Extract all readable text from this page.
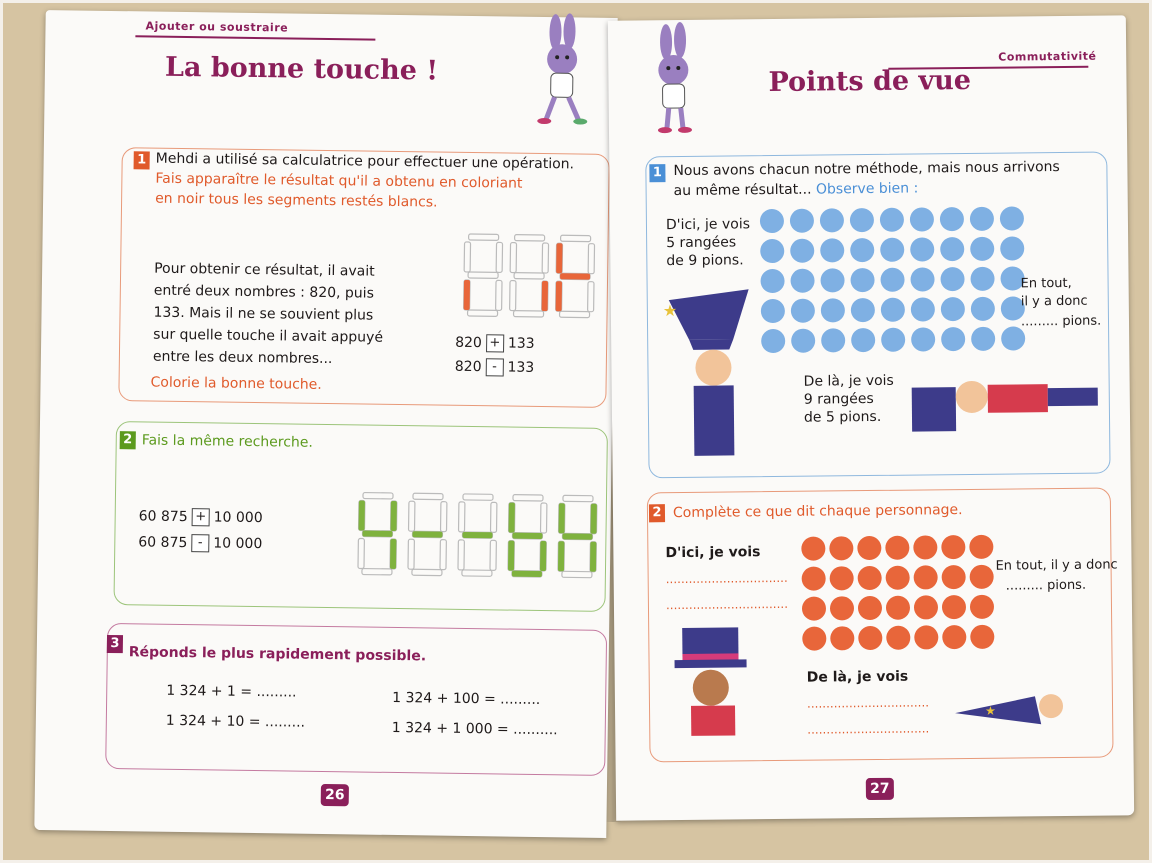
Ajouter ou soustraire
La bonne touche !
1 Mehdi a utilisé sa calculatrice pour effectuer une opération.
Fais apparaître le résultat qu'il a obtenu en coloriant
en noir tous les segments restés blancs.
Pour obtenir ce résultat, il avait
entré deux nombres : 820, puis
133. Mais il ne se souvient plus
sur quelle touche il avait appuyé
entre les deux nombres...
Colorie la bonne touche.
820 + 133
820 - 133
2 Fais la même recherche.
60 875 + 10 000
60 875 - 10 000
3
Réponds le plus rapidement possible.
1 324 + 1 = .........
1 324 + 10 = .........
1 324 + 100 = .........
1 324 + 1 000 = ..........
26
Commutativité
Points de vue
1 Nous avons chacun notre méthode, mais nous arrivons
au même résultat... Observe bien :
D'ici, je vois
5 rangées
de 9 pions.
En tout,
il y a donc
......... pions.
★
De là, je vois
9 rangées
de 5 pions.
2 Complète ce que dit chaque personnage.
D'ici, je vois
................................
................................
En tout, il y a donc
......... pions.
De là, je vois
................................
................................
★
27
